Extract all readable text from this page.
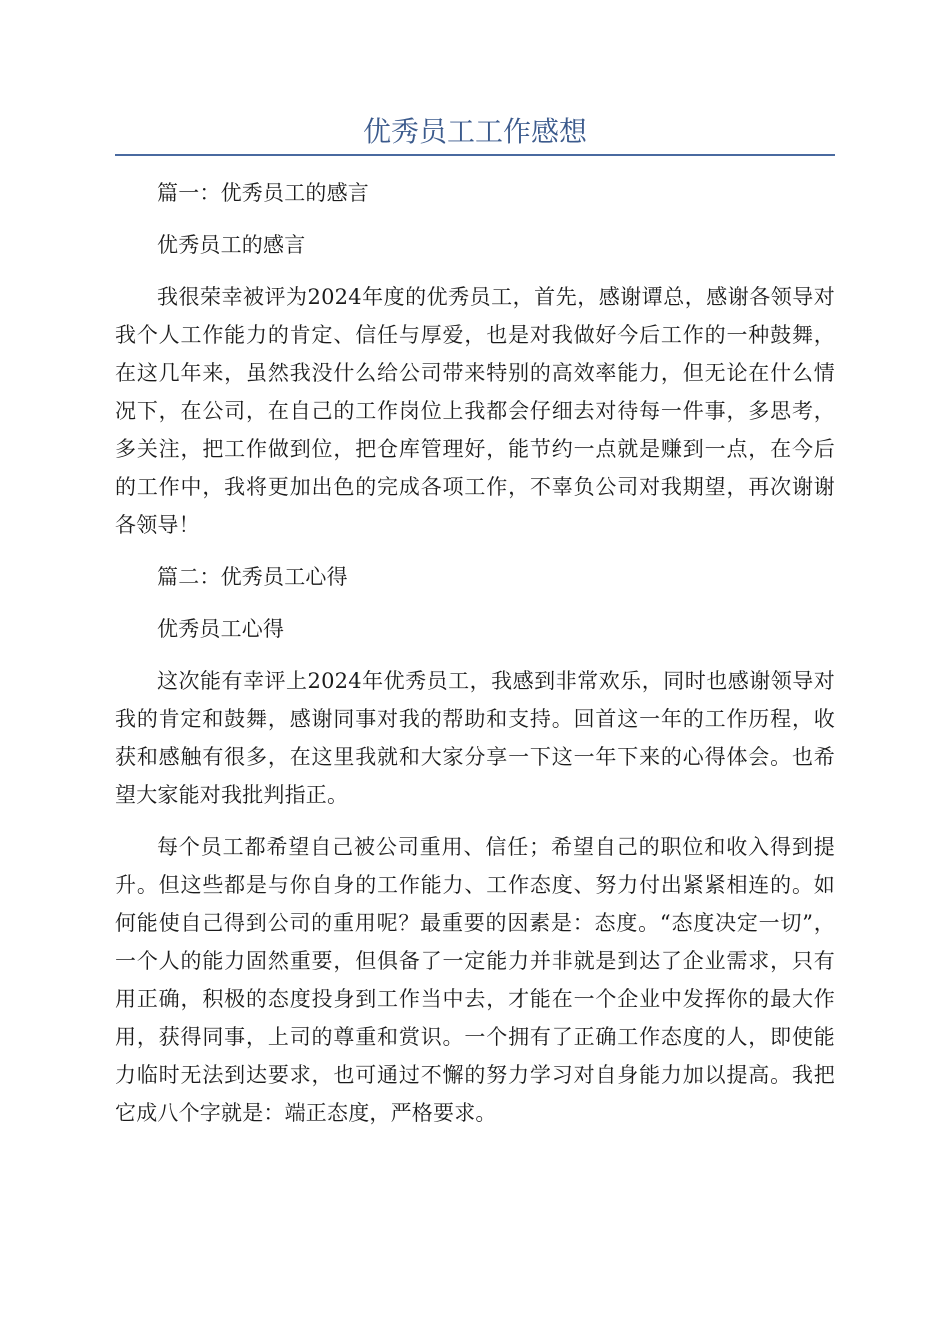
优秀员工工作感想

篇一：优秀员工的感言

优秀员工的感言

我很荣幸被评为2024年度的优秀员工，首先，感谢谭总，感谢各领导对我个人工作能力的肯定、信任与厚爱，也是对我做好今后工作的一种鼓舞，在这几年来，虽然我没什么给公司带来特别的高效率能力，但无论在什么情况下，在公司，在自己的工作岗位上我都会仔细去对待每一件事，多思考，多关注，把工作做到位，把仓库管理好，能节约一点就是赚到一点，在今后的工作中，我将更加出色的完成各项工作，不辜负公司对我期望，再次谢谢各领导！

篇二：优秀员工心得

优秀员工心得

这次能有幸评上2024年优秀员工，我感到非常欢乐，同时也感谢领导对我的肯定和鼓舞，感谢同事对我的帮助和支持。回首这一年的工作历程，收获和感触有很多，在这里我就和大家分享一下这一年下来的心得体会。也希望大家能对我批判指正。

每个员工都希望自己被公司重用、信任；希望自己的职位和收入得到提升。但这些都是与你自身的工作能力、工作态度、努力付出紧紧相连的。如何能使自己得到公司的重用呢？最重要的因素是：态度。“态度决定一切”，一个人的能力固然重要，但俱备了一定能力并非就是到达了企业需求，只有用正确，积极的态度投身到工作当中去，才能在一个企业中发挥你的最大作用，获得同事，上司的尊重和赏识。一个拥有了正确工作态度的人，即使能力临时无法到达要求，也可通过不懈的努力学习对自身能力加以提高。我把它成八个字就是：端正态度，严格要求。
